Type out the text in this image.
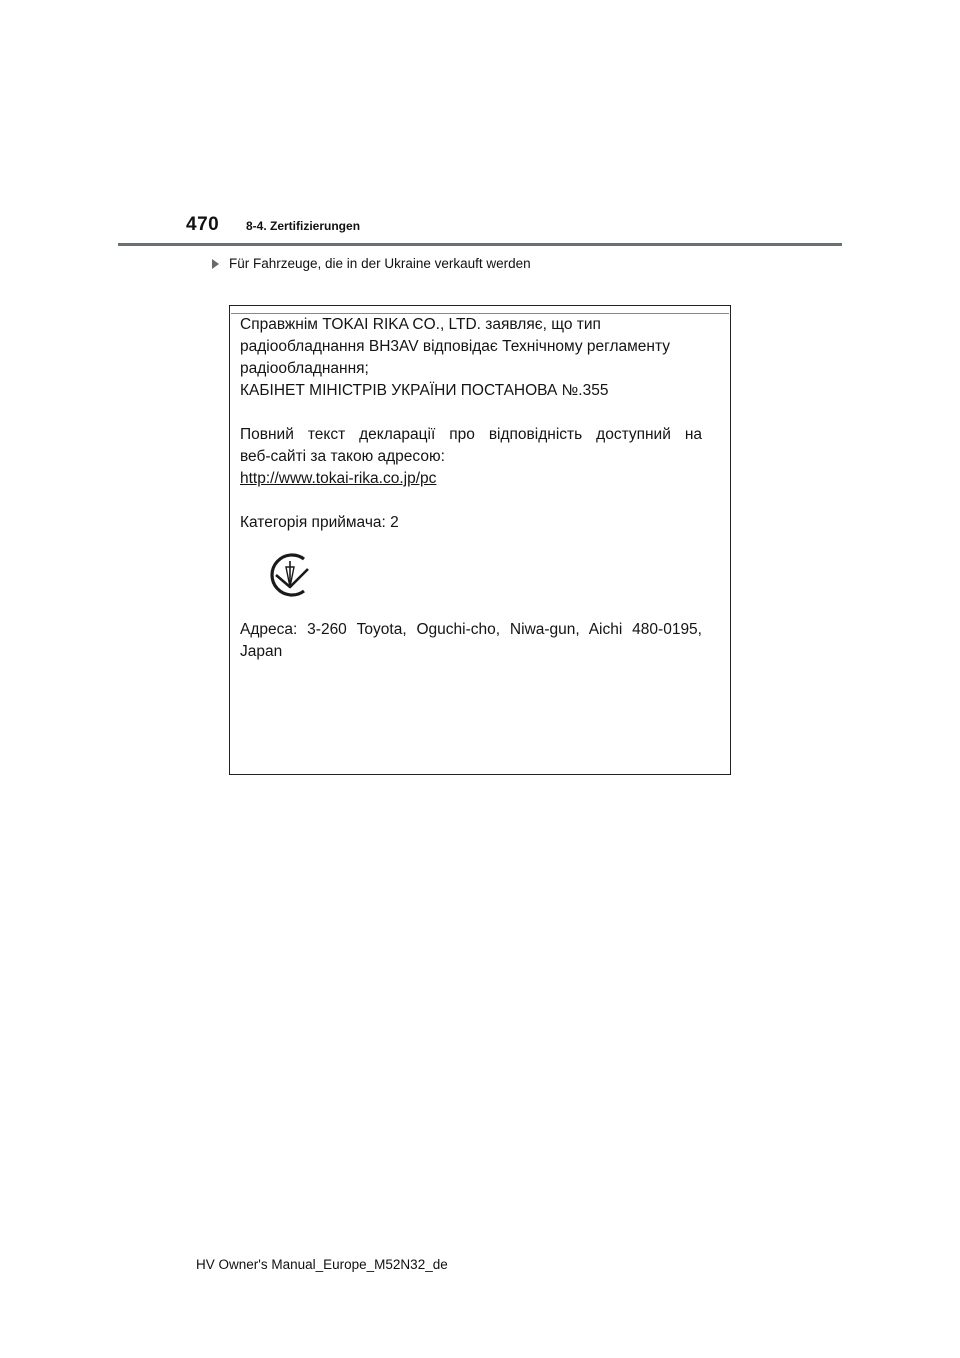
470 8-4. Zertifizierungen
Für Fahrzeuge, die in der Ukraine verkauft werden

Справжнім TOKAI RIKA CO., LTD. заявляє, що тип

радіообладнання BH3AV відповідає Технічному регламенту

радіообладнання;

КАБІНЕТ МІНІСТРІВ УКРАЇНИ ПОСТАНОВА №.355

Повний текст декларації про відповідність доступний на

веб-сайті за такою адресою:

http://www.tokai-rika.co.jp/pc

Категорія приймача: 2

Адреса: 3-260 Toyota, Oguchi-cho, Niwa-gun, Aichi 480-0195,

Japan

HV Owner's Manual_Europe_M52N32_de
